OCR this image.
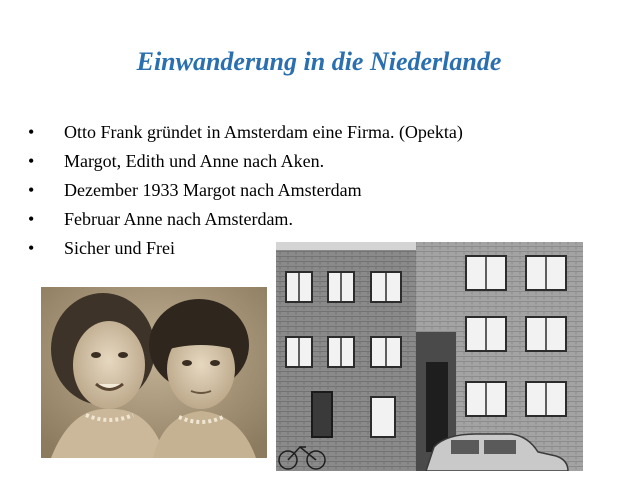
Einwanderung in die Niederlande
• Otto Frank gründet in Amsterdam eine Firma. (Opekta)
• Margot, Edith und Anne nach Aken.
• Dezember 1933 Margot nach Amsterdam
• Februar Anne nach Amsterdam.
• Sicher und Frei
